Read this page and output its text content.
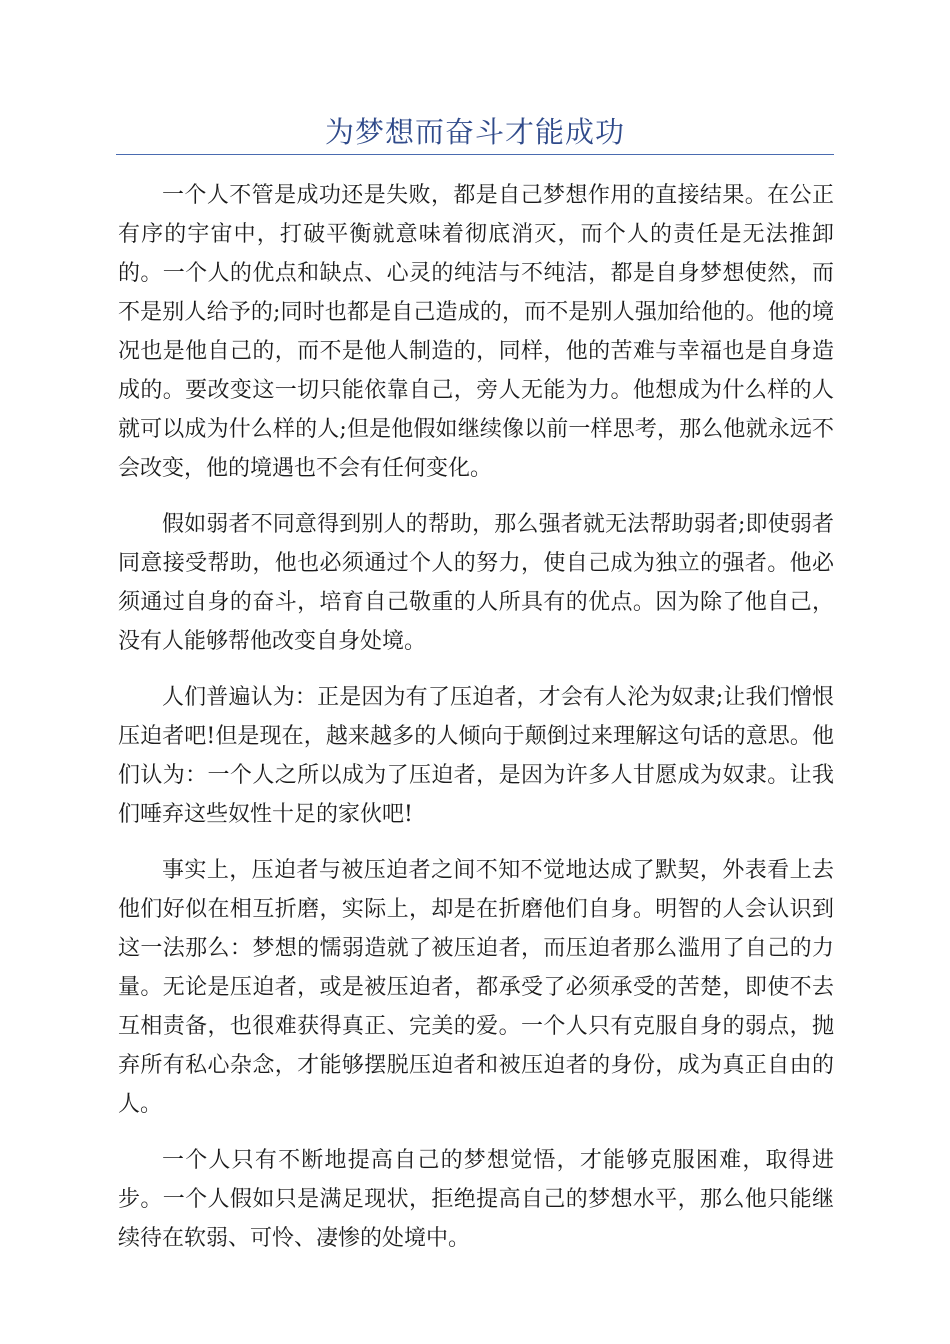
为梦想而奋斗才能成功

一个人不管是成功还是失败，都是自己梦想作用的直接结果。在公正有序的宇宙中，打破平衡就意味着彻底消灭，而个人的责任是无法推卸的。一个人的优点和缺点、心灵的纯洁与不纯洁，都是自身梦想使然，而不是别人给予的;同时也都是自己造成的，而不是别人强加给他的。他的境况也是他自己的，而不是他人制造的，同样，他的苦难与幸福也是自身造成的。要改变这一切只能依靠自己，旁人无能为力。他想成为什么样的人就可以成为什么样的人;但是他假如继续像以前一样思考，那么他就永远不会改变，他的境遇也不会有任何变化。

假如弱者不同意得到别人的帮助，那么强者就无法帮助弱者;即使弱者同意接受帮助，他也必须通过个人的努力，使自己成为独立的强者。他必须通过自身的奋斗，培育自己敬重的人所具有的优点。因为除了他自己，没有人能够帮他改变自身处境。

人们普遍认为：正是因为有了压迫者，才会有人沦为奴隶;让我们憎恨压迫者吧!但是现在，越来越多的人倾向于颠倒过来理解这句话的意思。他们认为：一个人之所以成为了压迫者，是因为许多人甘愿成为奴隶。让我们唾弃这些奴性十足的家伙吧!

事实上，压迫者与被压迫者之间不知不觉地达成了默契，外表看上去他们好似在相互折磨，实际上，却是在折磨他们自身。明智的人会认识到这一法那么：梦想的懦弱造就了被压迫者，而压迫者那么滥用了自己的力量。无论是压迫者，或是被压迫者，都承受了必须承受的苦楚，即使不去互相责备，也很难获得真正、完美的爱。一个人只有克服自身的弱点，抛弃所有私心杂念，才能够摆脱压迫者和被压迫者的身份，成为真正自由的人。

一个人只有不断地提高自己的梦想觉悟，才能够克服困难，取得进步。一个人假如只是满足现状，拒绝提高自己的梦想水平，那么他只能继续待在软弱、可怜、凄惨的处境中。
